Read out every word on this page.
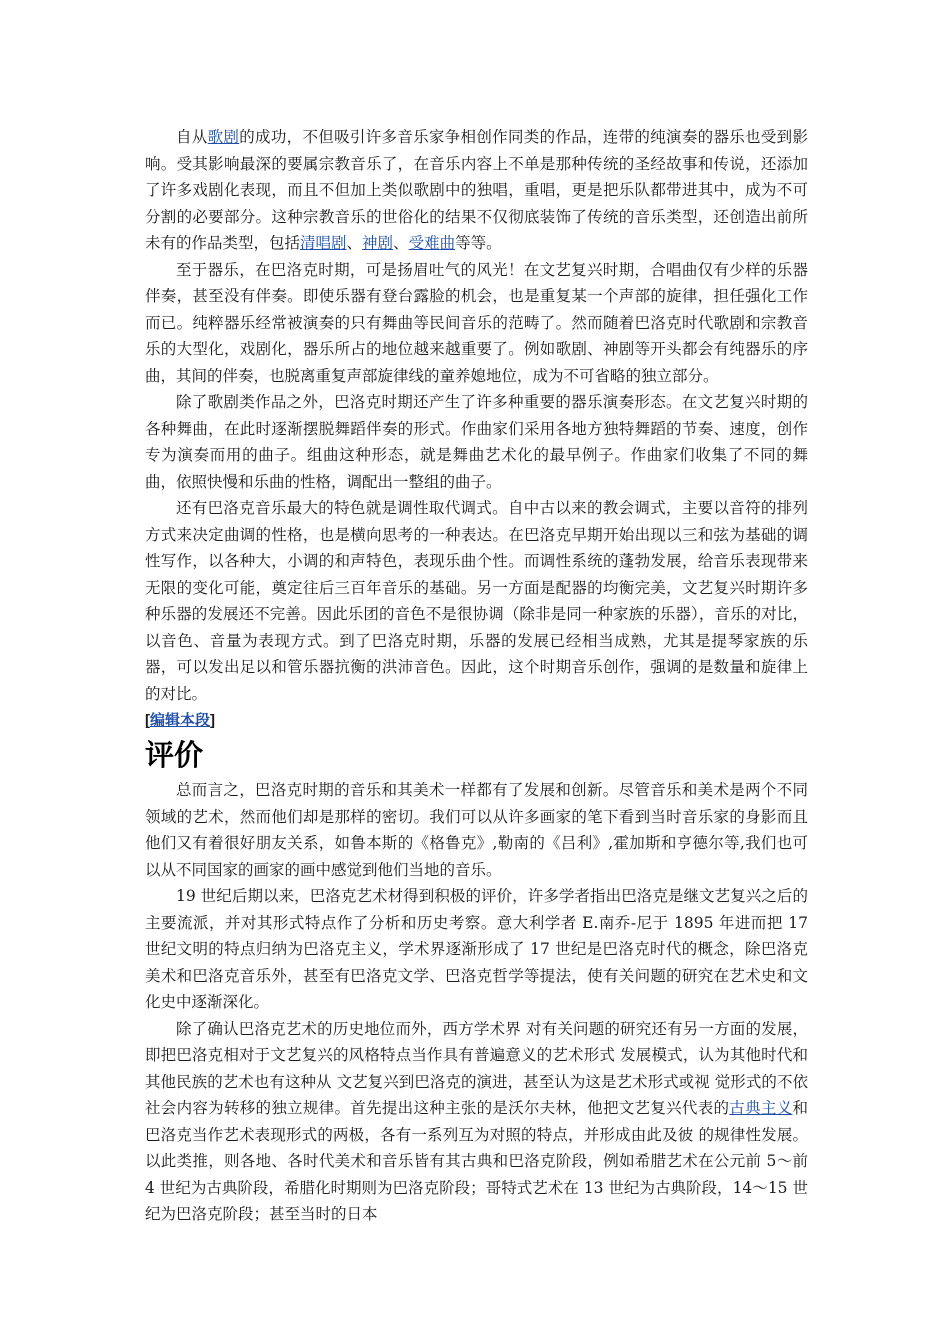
自从歌剧的成功，不但吸引许多音乐家争相创作同类的作品，连带的纯演奏的器乐也受到影响。受其影响最深的要属宗教音乐了，在音乐内容上不单是那种传统的圣经故事和传说，还添加了许多戏剧化表现，而且不但加上类似歌剧中的独唱，重唱，更是把乐队都带进其中，成为不可分割的必要部分。这种宗教音乐的世俗化的结果不仅彻底装饰了传统的音乐类型，还创造出前所未有的作品类型，包括清唱剧、神剧、受难曲等等。

至于器乐，在巴洛克时期，可是扬眉吐气的风光！在文艺复兴时期，合唱曲仅有少样的乐器伴奏，甚至没有伴奏。即使乐器有登台露脸的机会，也是重复某一个声部的旋律，担任强化工作而已。纯粹器乐经常被演奏的只有舞曲等民间音乐的范畴了。然而随着巴洛克时代歌剧和宗教音乐的大型化，戏剧化，器乐所占的地位越来越重要了。例如歌剧、神剧等开头都会有纯器乐的序曲，其间的伴奏，也脱离重复声部旋律线的童养媳地位，成为不可省略的独立部分。

除了歌剧类作品之外，巴洛克时期还产生了许多种重要的器乐演奏形态。在文艺复兴时期的各种舞曲，在此时逐渐摆脱舞蹈伴奏的形式。作曲家们采用各地方独特舞蹈的节奏、速度，创作专为演奏而用的曲子。组曲这种形态，就是舞曲艺术化的最早例子。作曲家们收集了不同的舞曲，依照快慢和乐曲的性格，调配出一整组的曲子。

还有巴洛克音乐最大的特色就是调性取代调式。自中古以来的教会调式，主要以音符的排列方式来决定曲调的性格，也是横向思考的一种表达。在巴洛克早期开始出现以三和弦为基础的调性写作，以各种大，小调的和声特色，表现乐曲个性。而调性系统的蓬勃发展，给音乐表现带来无限的变化可能，奠定往后三百年音乐的基础。另一方面是配器的均衡完美，文艺复兴时期许多种乐器的发展还不完善。因此乐团的音色不是很协调（除非是同一种家族的乐器），音乐的对比，以音色、音量为表现方式。到了巴洛克时期，乐器的发展已经相当成熟，尤其是提琴家族的乐器，可以发出足以和管乐器抗衡的洪沛音色。因此，这个时期音乐创作，强调的是数量和旋律上的对比。

[编辑本段]
评价

总而言之，巴洛克时期的音乐和其美术一样都有了发展和创新。尽管音乐和美术是两个不同领域的艺术，然而他们却是那样的密切。我们可以从许多画家的笔下看到当时音乐家的身影而且他们又有着很好朋友关系，如鲁本斯的《格鲁克》,勒南的《吕利》,霍加斯和亨德尔等,我们也可以从不同国家的画家的画中感觉到他们当地的音乐。

19 世纪后期以来，巴洛克艺术材得到积极的评价，许多学者指出巴洛克是继文艺复兴之后的主要流派，并对其形式特点作了分析和历史考察。意大利学者 E.南乔-尼于 1895 年进而把 17 世纪文明的特点归纳为巴洛克主义，学术界逐渐形成了 17 世纪是巴洛克时代的概念，除巴洛克美术和巴洛克音乐外，甚至有巴洛克文学、巴洛克哲学等提法，使有关问题的研究在艺术史和文化史中逐渐深化。

除了确认巴洛克艺术的历史地位而外，西方学术界 对有关问题的研究还有另一方面的发展，即把巴洛克相对于文艺复兴的风格特点当作具有普遍意义的艺术形式 发展模式，认为其他时代和其他民族的艺术也有这种从 文艺复兴到巴洛克的演进，甚至认为这是艺术形式或视 觉形式的不依社会内容为转移的独立规律。首先提出这种主张的是沃尔夫林，他把文艺复兴代表的古典主义和巴洛克当作艺术表现形式的两极，各有一系列互为对照的特点，并形成由此及彼 的规律性发展。以此类推，则各地、各时代美术和音乐皆有其古典和巴洛克阶段，例如希腊艺术在公元前 5～前 4 世纪为古典阶段，希腊化时期则为巴洛克阶段；哥特式艺术在 13 世纪为古典阶段，14～15 世纪为巴洛克阶段；甚至当时的日本
